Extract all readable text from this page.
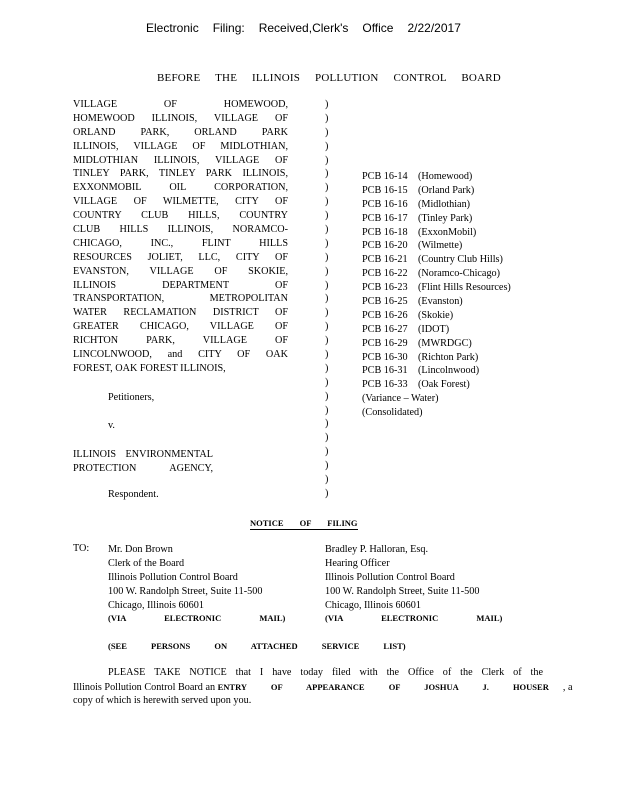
Electronic Filing: Received,Clerk's Office 2/22/2017
BEFORE THE ILLINOIS POLLUTION CONTROL BOARD
VILLAGE OF HOMEWOOD,
HOMEWOOD ILLINOIS, VILLAGE OF
ORLAND PARK, ORLAND PARK
ILLINOIS, VILLAGE OF MIDLOTHIAN,
MIDLOTHIAN ILLINOIS, VILLAGE OF
TINLEY PARK, TINLEY PARK ILLINOIS,
EXXONMOBIL OIL CORPORATION,
VILLAGE OF WILMETTE, CITY OF
COUNTRY CLUB HILLS, COUNTRY
CLUB HILLS ILLINOIS, NORAMCO-
CHICAGO, INC., FLINT HILLS
RESOURCES JOLIET, LLC, CITY OF
EVANSTON, VILLAGE OF SKOKIE,
ILLINOIS DEPARTMENT OF
TRANSPORTATION, METROPOLITAN
WATER RECLAMATION DISTRICT OF
GREATER CHICAGO, VILLAGE OF
RICHTON PARK, VILLAGE OF
LINCOLNWOOD, and CITY OF OAK
FOREST, OAK FOREST ILLINOIS,
)
)
)
)
)
)
)
)
)
)
)
)
)
)
)
)
)
)
)
)
)
)
)
)
)
)
)
)
)
PCB 16-14 (Homewood)
PCB 16-15 (Orland Park)
PCB 16-16 (Midlothian)
PCB 16-17 (Tinley Park)
PCB 16-18 (ExxonMobil)
PCB 16-20 (Wilmette)
PCB 16-21 (Country Club Hills)
PCB 16-22 (Noramco-Chicago)
PCB 16-23 (Flint Hills Resources)
PCB 16-25 (Evanston)
PCB 16-26 (Skokie)
PCB 16-27 (IDOT)
PCB 16-29 (MWRDGC)
PCB 16-30 (Richton Park)
PCB 16-31 (Lincolnwood)
PCB 16-33 (Oak Forest)
(Variance – Water)
(Consolidated)
Petitioners,
v.
ILLINOIS ENVIRONMENTAL
PROTECTION AGENCY,
Respondent.
NOTICE OF FILING
TO: Mr. Don Brown
Clerk of the Board
Illinois Pollution Control Board
100 W. Randolph Street, Suite 11-500
Chicago, Illinois 60601
(VIA ELECTRONIC MAIL)
Bradley P. Halloran, Esq.
Hearing Officer
Illinois Pollution Control Board
100 W. Randolph Street, Suite 11-500
Chicago, Illinois 60601
(VIA ELECTRONIC MAIL)
(SEE PERSONS ON ATTACHED SERVICE LIST)
PLEASE TAKE NOTICE that I have today filed with the Office of the Clerk of the
Illinois Pollution Control Board an ENTRY OF APPEARANCE OF JOSHUA J. HOUSER , a
copy of which is herewith served upon you.
